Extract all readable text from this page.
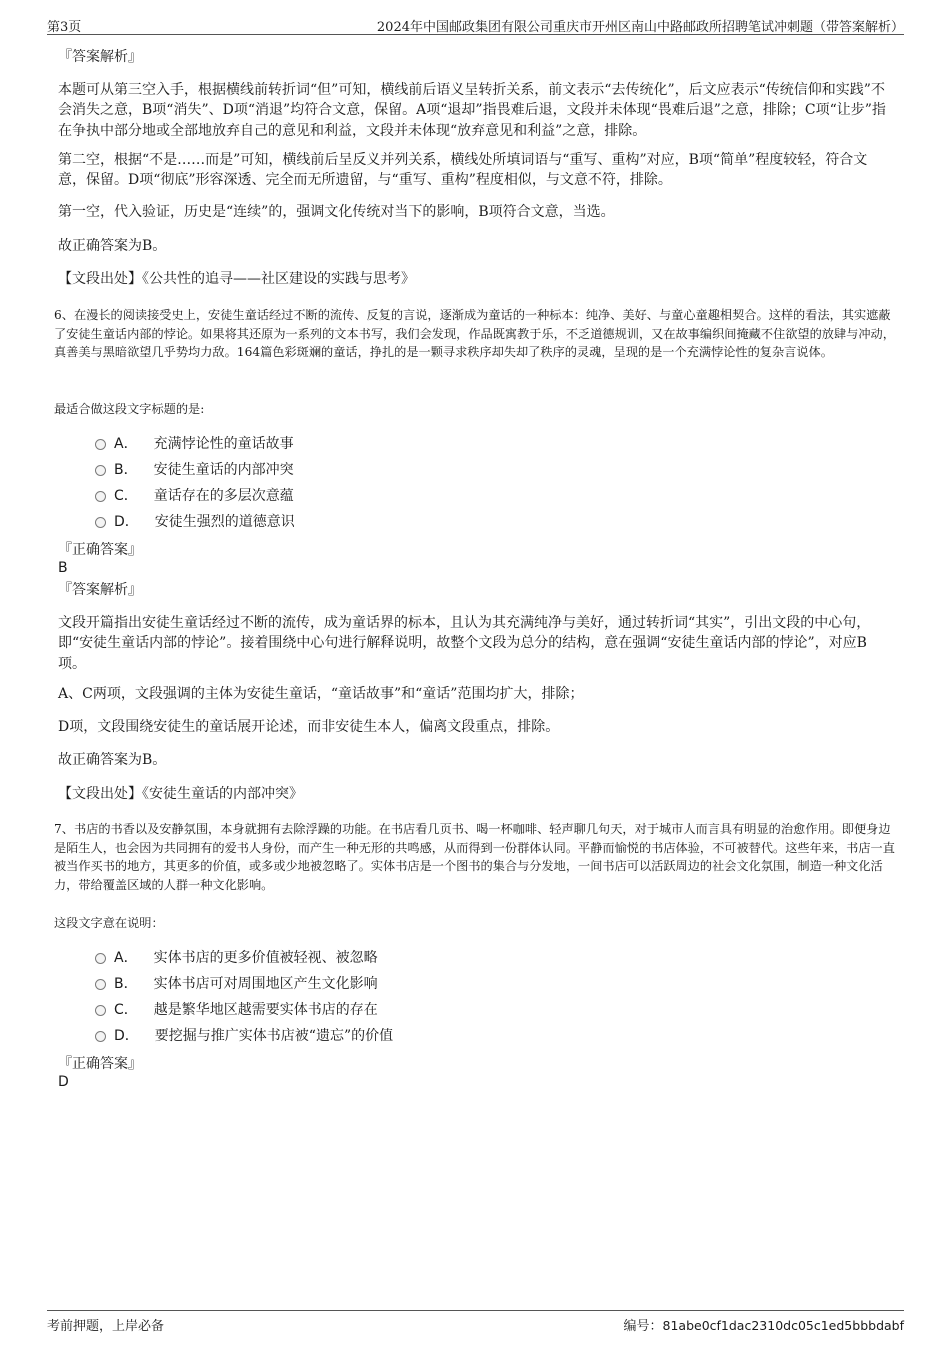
第3页	2024年中国邮政集团有限公司重庆市开州区南山中路邮政所招聘笔试冲刺题（带答案解析）
『答案解析』
本题可从第三空入手，根据横线前转折词“但”可知，横线前后语义呈转折关系，前文表示“去传统化”，后文应表示“传统信仰和实践”不会消失之意，B项“消失”、D项“消退”均符合文意，保留。A项“退却”指畏难后退，文段并未体现“畏难后退”之意，排除；C项“让步”指在争执中部分地或全部地放弃自己的意见和利益，文段并未体现“放弃意见和利益”之意，排除。
第二空，根据“不是……而是”可知，横线前后呈反义并列关系，横线处所填词语与“重写、重构”对应，B项“简单”程度较轻，符合文意，保留。D项“彻底”形容深透、完全而无所遗留，与“重写、重构”程度相似，与文意不符，排除。
第一空，代入验证，历史是“连续”的，强调文化传统对当下的影响，B项符合文意，当选。
故正确答案为B。
【文段出处】《公共性的追寻——社区建设的实践与思考》
6、在漫长的阅读接受史上，安徒生童话经过不断的流传、反复的言说，逐渐成为童话的一种标本：纯净、美好、与童心童趣相契合。这样的看法，其实遮蔽了安徒生童话内部的悖论。如果将其还原为一系列的文本书写，我们会发现，作品既寓教于乐，不乏道德规训，又在故事编织间掩藏不住欲望的放肆与冲动，真善美与黑暗欲望几乎势均力敌。164篇色彩斑斓的童话，挣扎的是一颗寻求秩序却失却了秩序的灵魂，呈现的是一个充满悖论性的复杂言说体。
最适合做这段文字标题的是:
A． 充满悖论性的童话故事
B． 安徒生童话的内部冲突
C． 童话存在的多层次意蕴
D． 安徒生强烈的道德意识
『正确答案』
B
『答案解析』
文段开篇指出安徒生童话经过不断的流传，成为童话界的标本，且认为其充满纯净与美好，通过转折词“其实”，引出文段的中心句，即“安徒生童话内部的悖论”。接着围绕中心句进行解释说明，故整个文段为总分的结构，意在强调“安徒生童话内部的悖论”，对应B项。
A、C两项，文段强调的主体为安徒生童话，“童话故事”和“童话”范围均扩大，排除；
D项，文段围绕安徒生的童话展开论述，而非安徒生本人，偏离文段重点，排除。
故正确答案为B。
【文段出处】《安徒生童话的内部冲突》
7、书店的书香以及安静氛围，本身就拥有去除浮躁的功能。在书店看几页书、喝一杯咖啡、轻声聊几句天，对于城市人而言具有明显的治愈作用。即便身边是陌生人，也会因为共同拥有的爱书人身份，而产生一种无形的共鸣感，从而得到一份群体认同。平静而愉悦的书店体验，不可被替代。这些年来，书店一直被当作买书的地方，其更多的价值，或多或少地被忽略了。实体书店是一个图书的集合与分发地，一间书店可以活跃周边的社会文化氛围，制造一种文化活力，带给覆盖区域的人群一种文化影响。
这段文字意在说明：
A． 实体书店的更多价值被轻视、被忽略
B． 实体书店可对周围地区产生文化影响
C． 越是繁华地区越需要实体书店的存在
D． 要挖掘与推广实体书店被“遗忘”的价值
『正确答案』
D
考前押题，上岸必备	编号：81abe0cf1dac2310dc05c1ed5bbbdabf
